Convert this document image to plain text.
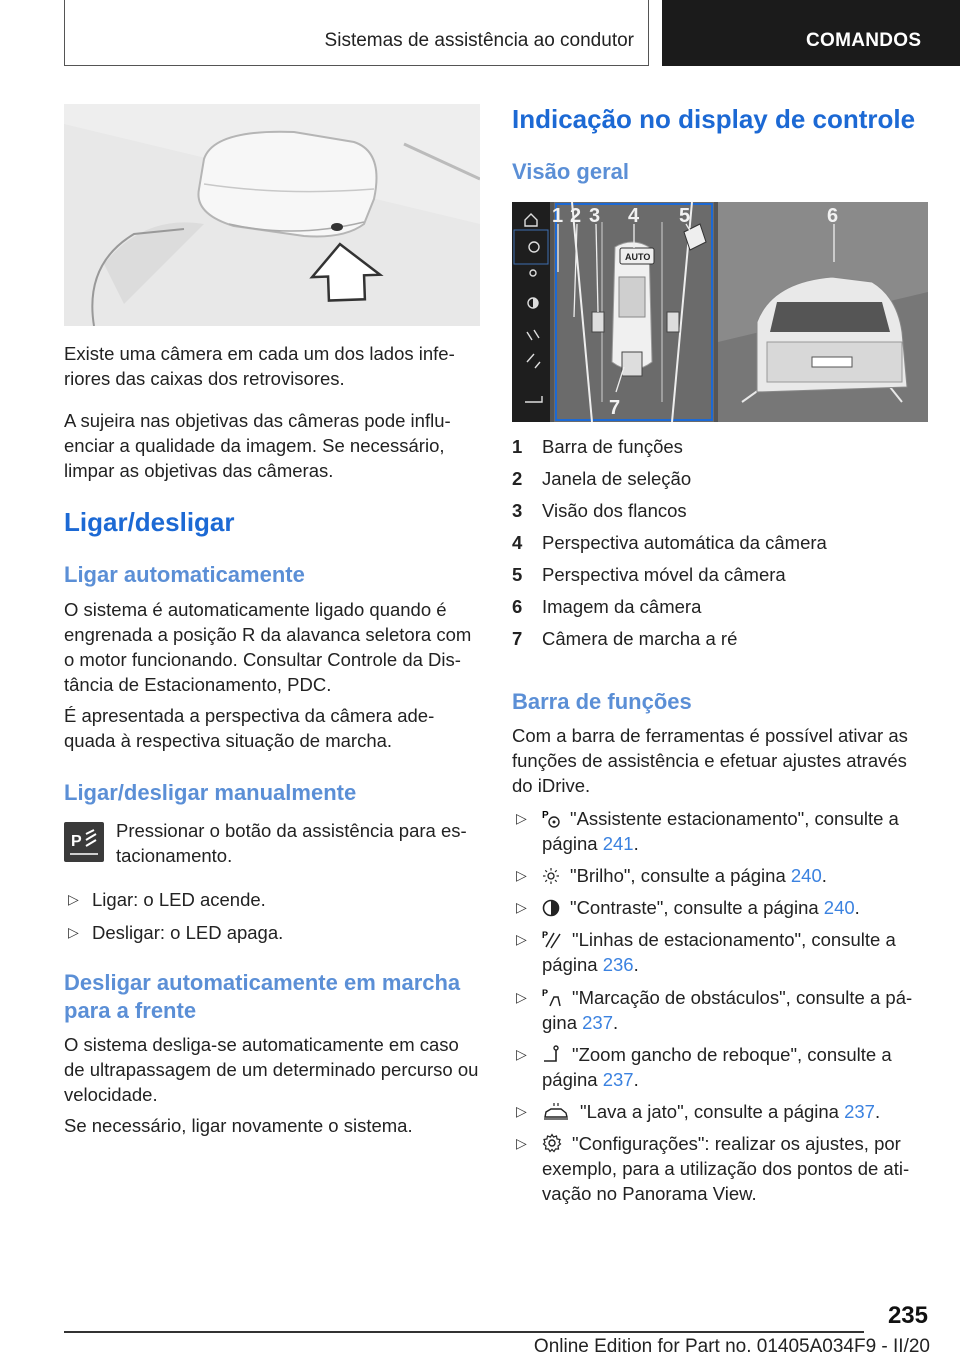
Sistemas de assistência ao condutor	COMANDOS

Existe uma câmera em cada um dos lados infe-riores das caixas dos retrovisores.

A sujeira nas objetivas das câmeras pode influ-enciar a qualidade da imagem. Se necessário, limpar as objetivas das câmeras.

Ligar/desligar
Ligar automaticamente

O sistema é automaticamente ligado quando é engrenada a posição R da alavanca seletora com o motor funcionando. Consultar Controle da Dis-tância de Estacionamento, PDC.

É apresentada a perspectiva da câmera ade-quada à respectiva situação de marcha.

Ligar/desligar manualmente
P

Pressionar o botão da assistência para es-tacionamento.

▷ Ligar: o LED acende.
▷ Desligar: o LED apaga.
Desligar automaticamente em marcha para a frente

O sistema desliga-se automaticamente em caso de ultrapassagem de um determinado percurso ou velocidade.

Se necessário, ligar novamente o sistema.

Indicação no display de controle
Visão geral
AUTO
1 2 3 4 5	6
7
1 Barra de funções
2 Janela de seleção
3 Visão dos flancos
4 Perspectiva automática da câmera
5 Perspectiva móvel da câmera
6 Imagem da câmera
7 Câmera de marcha a ré
Barra de funções

Com a barra de ferramentas é possível ativar as funções de assistência e efetuar ajustes através do iDrive.

▷ P "Assistente estacionamento", consulte a página 241.
▷	"Brilho", consulte a página 240.
▷	"Contraste", consulte a página 240.
▷ P "Linhas de estacionamento", consulte a página 236.
▷ P "Marcação de obstáculos", consulte a pá-gina 237.
▷	"Zoom gancho de reboque", consulte a página 237.
▷	"Lava a jato", consulte a página 237.
▷	"Configurações": realizar os ajustes, por exemplo, para a utilização dos pontos de ati-vação no Panorama View.
235
Online Edition for Part no. 01405A034F9 - II/20
